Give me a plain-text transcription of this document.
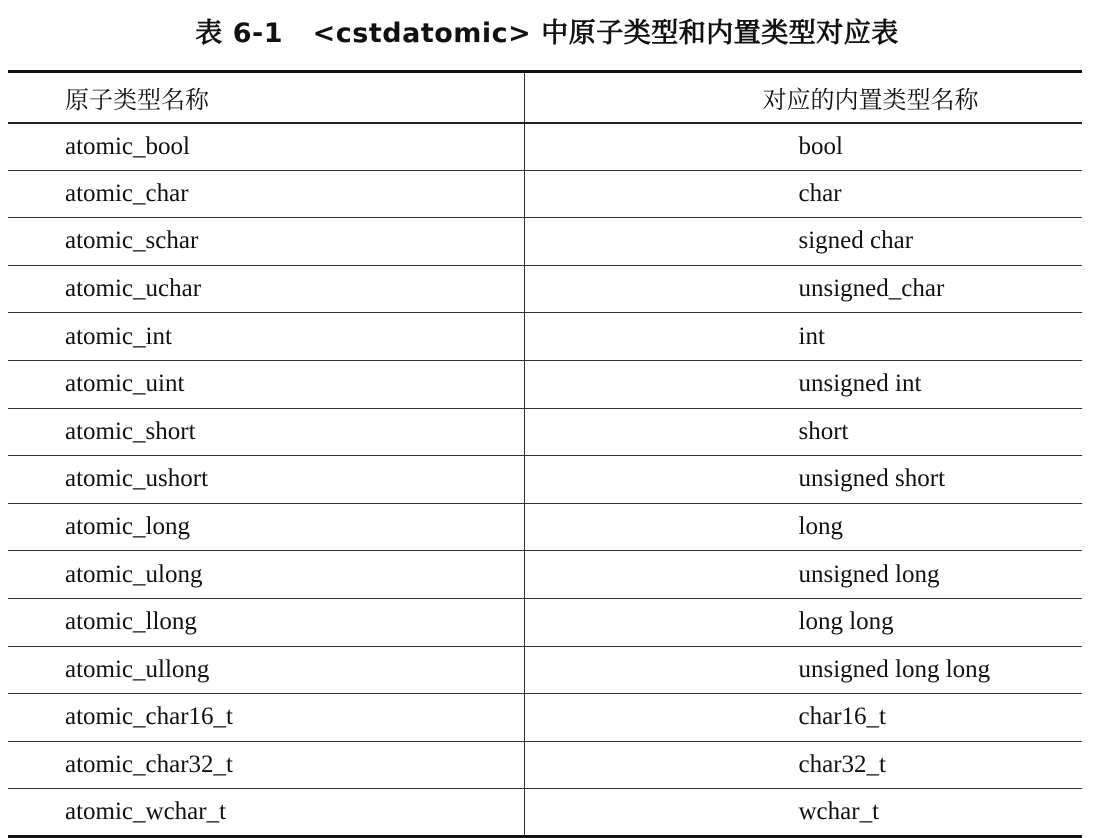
表 6-1   <cstdatomic> 中原子类型和内置类型对应表
原子类型名称	对应的内置类型名称
atomic_bool	bool
atomic_char	char
atomic_schar	signed char
atomic_uchar	unsigned_char
atomic_int	int
atomic_uint	unsigned int
atomic_short	short
atomic_ushort	unsigned short
atomic_long	long
atomic_ulong	unsigned long
atomic_llong	long long
atomic_ullong	unsigned long long
atomic_char16_t	char16_t
atomic_char32_t	char32_t
atomic_wchar_t	wchar_t
